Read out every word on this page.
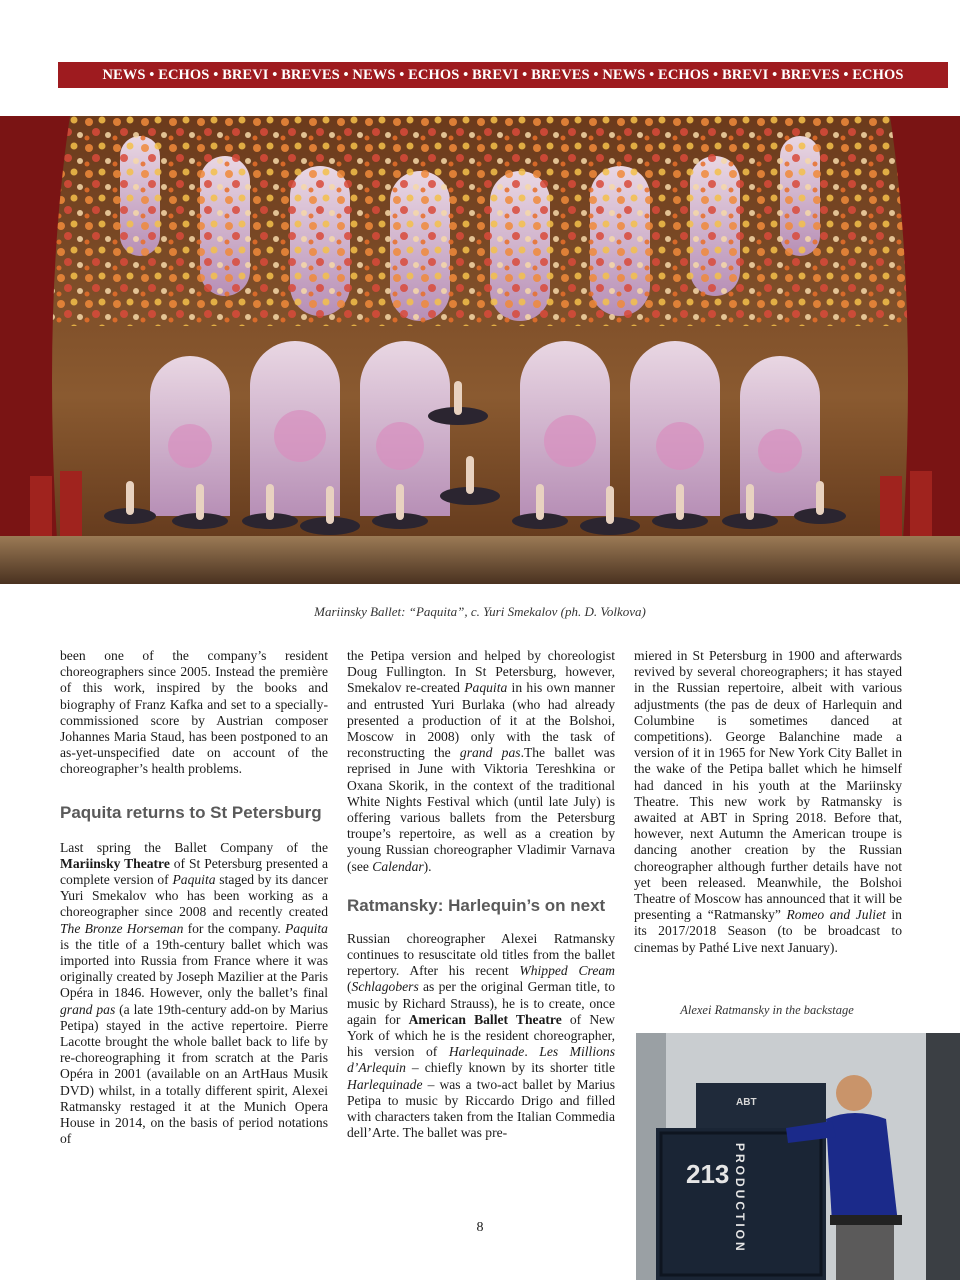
NEWS • ECHOS • BREVI • BREVES • NEWS • ECHOS • BREVI • BREVES • NEWS • ECHOS • BREVI • BREVES • ECHOS
Mariinsky Ballet: “Paquita”, c. Yuri Smekalov (ph. D. Volkova)

been one of the company’s resident choreographers since 2005. Instead the première of this work, inspired by the books and biography of Franz Kafka and set to a specially-commissioned score by Austrian composer Johannes Maria Staud, has been postponed to an as-yet-unspecified date on account of the choreographer’s health problems.

Paquita returns to St Petersburg

Last spring the Ballet Company of the Mariinsky Theatre of St Petersburg presented a complete version of Paquita staged by its dancer Yuri Smekalov who has been working as a choreographer since 2008 and recently created The Bronze Horseman for the company. Paquita is the title of a 19th-century ballet which was imported into Russia from France where it was originally created by Joseph Mazilier at the Paris Opéra in 1846. However, only the ballet’s final grand pas (a late 19th-century add-on by Marius Petipa) stayed in the active repertoire. Pierre Lacotte brought the whole ballet back to life by re-choreographing it from scratch at the Paris Opéra in 2001 (available on an ArtHaus Musik DVD) whilst, in a totally different spirit, Alexei Ratmansky restaged it at the Munich Opera House in 2014, on the basis of period notations of

the Petipa version and helped by choreologist Doug Fullington. In St Petersburg, however, Smekalov re-created Paquita in his own manner and entrusted Yuri Burlaka (who had already presented a production of it at the Bolshoi, Moscow in 2008) only with the task of reconstructing the grand pas.The ballet was reprised in June with Viktoria Tereshkina or Oxana Skorik, in the context of the traditional White Nights Festival which (until late July) is offering various ballets from the Petersburg troupe’s repertoire, as well as a creation by young Russian choreographer Vladimir Varnava (see Calendar).

Ratmansky: Harlequin’s on next

Russian choreographer Alexei Ratmansky continues to resuscitate old titles from the ballet repertory. After his recent Whipped Cream (Schlagobers as per the original German title, to music by Richard Strauss), he is to create, once again for American Ballet Theatre of New York of which he is the resident choreographer, his version of Harlequinade. Les Millions d’Arlequin – chiefly known by its shorter title Harlequinade – was a two-act ballet by Marius Petipa to music by Riccardo Drigo and filled with characters taken from the Italian Commedia dell’Arte. The ballet was pre-

miered in St Petersburg in 1900 and afterwards revived by several choreographers; it has stayed in the Russian repertoire, albeit with various adjustments (the pas de deux of Harlequin and Columbine is sometimes danced at competitions). George Balanchine made a version of it in 1965 for New York City Ballet in the wake of the Petipa ballet which he himself had danced in his youth at the Mariinsky Theatre. This new work by Ratmansky is awaited at ABT in Spring 2018. Before that, however, next Autumn the American troupe is dancing another creation by the Russian choreographer although further details have not yet been released. Meanwhile, the Bolshoi Theatre of Moscow has announced that it will be presenting a “Ratmansky” Romeo and Juliet in its 2017/2018 Season (to be broadcast to cinemas by Pathé Live next January).

Alexei Ratmansky in the backstage
ABT
213 PRODUCTION
8
